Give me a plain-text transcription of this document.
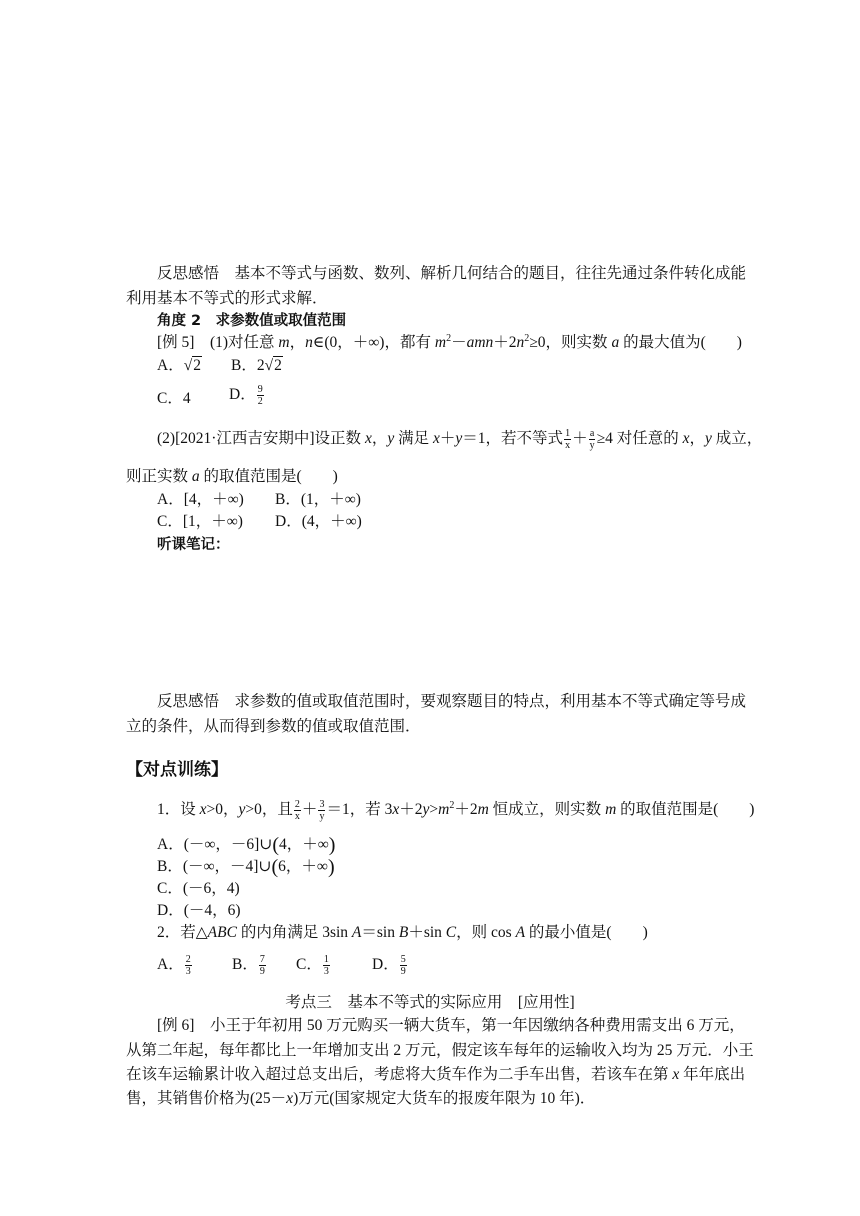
反思感悟　基本不等式与函数、数列、解析几何结合的题目，往往先通过条件转化成能
利用基本不等式的形式求解．
角度 2　求参数值或取值范围
[例 5]　(1)对任意 m，n∈(0，＋∞)，都有 $m^2-amn+2n^2\ge 0$，则实数 a 的最大值为(　　)
A．√2 B．2√2
C．4 D． $\frac{9}{2}$
(2)[2021·江西吉安期中]设正数 x，y 满足 x＋y＝1，若不等式 $\frac{1}{x} + \frac{a}{y} \ge 4$ 对任意的 x，y 成立，
则正实数 a 的取值范围是(　　)
A．[4，＋∞) B．(1，＋∞)
C．[1，＋∞) D．(4，＋∞)
听课笔记：
反思感悟　求参数的值或取值范围时，要观察题目的特点，利用基本不等式确定等号成
立的条件，从而得到参数的值或取值范围．
【对点训练】
1．设 x>0，y>0，且 $\frac{2}{x} + \frac{3}{y} =1$，若 $3x+2y>m^2+2m$ 恒成立，则实数 m 的取值范围是(　　)
A．(－∞，－6]∪(4，＋∞)
B．(－∞，－4]∪(6，＋∞)
C．(－6，4)
D．(－4，6)
2．若△ABC 的内角满足 3sin A＝sin B＋sin C，则 cos A 的最小值是(　　)
A． $\frac{2}{3}$	B． $\frac{7}{9}$ C． $\frac{1}{3}$	D． $\frac{5}{9}$
考点三　基本不等式的实际应用　[应用性]
[例 6]　小王于年初用 50 万元购买一辆大货车，第一年因缴纳各种费用需支出 6 万元，
从第二年起，每年都比上一年增加支出 2 万元，假定该车每年的运输收入均为 25 万元．小王
在该车运输累计收入超过总支出后，考虑将大货车作为二手车出售，若该车在第 x 年年底出
售，其销售价格为(25－x)万元(国家规定大货车的报废年限为 10 年)．
